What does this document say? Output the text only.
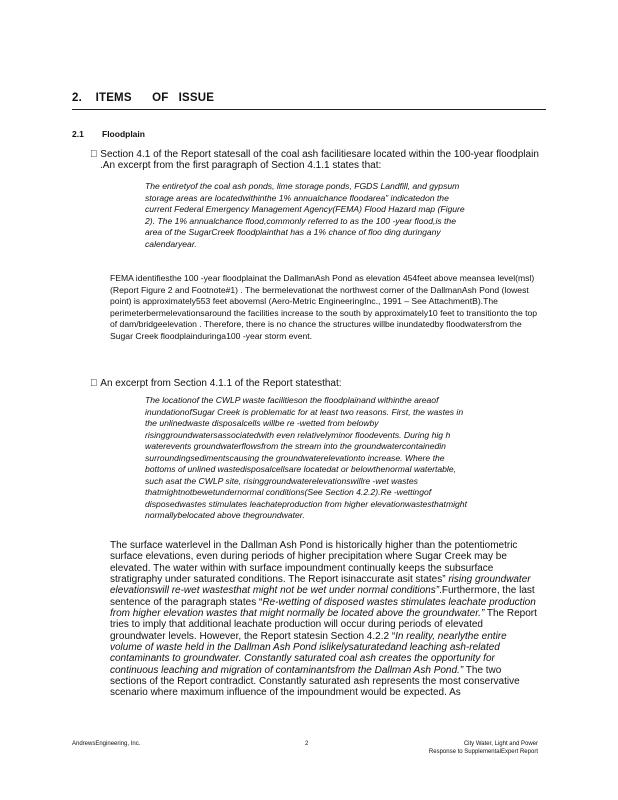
2.    ITEMS      OF   ISSUE
2.1 Floodplain
Section 4.1 of the Report statesall of the coal ash facilitiesare located within the 100-year floodplain .An excerpt from the first paragraph of Section 4.1.1 states that:
The entiretyof the coal ash ponds, lime storage ponds, FGDS Landfill, and gypsum storage areas are locatedwithinthe 1% annualchance floodarea” indicatedon the current Federal Emergency Management Agency(FEMA) Flood Hazard map (Figure 2). The 1% annualchance flood,commonly referred to as the 100 -year flood,is the area of the SugarCreek floodplainthat has a 1% chance of floo ding duringany calendaryear.
FEMA identifiesthe 100 -year floodplainat the DallmanAsh Pond as elevation 454feet above meansea level(msl) (Report Figure 2 and Footnote#1) . The bermelevationat the northwest corner of the DallmanAsh Pond (lowest point) is approximately553 feet abovemsl (Aero-Metric EngineeringInc., 1991 – See AttachmentB).The perimeterbermelevationsaround the facilities increase to the south by approximately10 feet to transitionto the top of dam/bridgeelevation . Therefore, there is no chance the structures willbe inundatedby floodwatersfrom the Sugar Creek floodplainduringa100 -year storm event.
An excerpt from Section 4.1.1 of the Report statesthat:
The locationof the CWLP waste facilitieson the floodplainand withinthe areaof inundationofSugar Creek is problematic for at least two reasons. First, the wastes in the unlinedwaste disposalcells willbe re -wetted from belowby risinggroundwatersassociatedwith even relativelyminor floodevents. During hig h waterevents groundwaterflowsfrom the stream into the groundwatercontainedin surroundingsedimentscausing the groundwaterelevationto increase. Where the bottoms of unlined wastedisposalcellsare locatedat or belowthenormal watertable, such asat the CWLP site, risinggroundwaterelevationswillre -wet wastes thatmightnotbewetundernormal conditions(See Section 4.2.2).Re -wettingof disposedwastes stimulates leachateproduction from higher elevationwastesthatmight normallybelocated above thegroundwater.
The surface waterlevel in the Dallman Ash Pond is historically higher than the potentiometric surface elevations, even during periods of higher precipitation where Sugar Creek may be elevated. The water within with surface impoundment continually keeps the subsurface stratigraphy under saturated conditions. The Report isinaccurate asit states” rising groundwater elevationswill re-wet wastesthat might not be wet under normal conditions”.Furthermore, the last sentence of the paragraph states “Re-wetting of disposed wastes stimulates leachate production from higher elevation wastes that might normally be located above the groundwater.” The Report tries to imply that additional leachate production will occur during periods of elevated groundwater levels. However, the Report statesin Section 4.2.2 “In reality, nearlythe entire volume of waste held in the Dallman Ash Pond islikelysaturatedand leaching ash-related contaminants to groundwater. Constantly saturated coal ash creates the opportunity for continuous leaching and migration of contaminantsfrom the Dallman Ash Pond.” The two sections of the Report contradict. Constantly saturated ash represents the most conservative scenario where maximum influence of the impoundment would be expected. As
AndrewsEngineering, Inc.	2	City Water, Light and Power
Response to SupplementalExpert Report
